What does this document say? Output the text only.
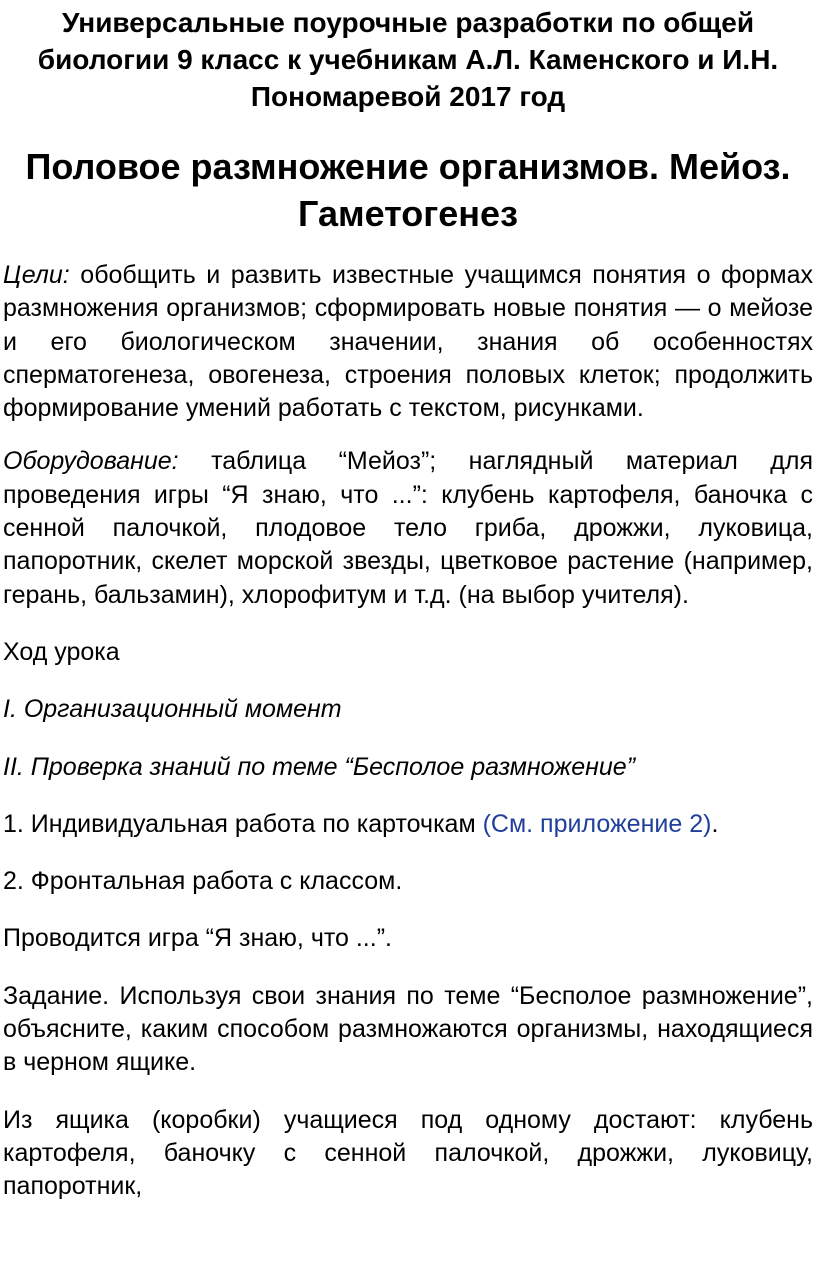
Универсальные поурочные разработки по общей биологии 9 класс к учебникам А.Л. Каменского и И.Н. Пономаревой 2017 год
Половое размножение организмов. Мейоз. Гаметогенез

Цели: обобщить и развить известные учащимся понятия о формах размножения организмов; сформировать новые понятия — о мейозе и его биологическом значении, знания об особенностях сперматогенеза, овогенеза, строения половых клеток; продолжить формирование умений работать с текстом, рисунками.

Оборудование: таблица “Мейоз”; наглядный материал для проведения игры “Я знаю, что ...”: клубень картофеля, баночка с сенной палочкой, плодовое тело гриба, дрожжи, луковица, папоротник, скелет морской звезды, цветковое растение (например, герань, бальзамин), хлорофитум и т.д. (на выбор учителя).

Ход урока

I. Организационный момент

II. Проверка знаний по теме “Бесполое размножение”

1. Индивидуальная работа по карточкам (См. приложение 2).

2. Фронтальная работа с классом.

Проводится игра “Я знаю, что ...”.

Задание. Используя свои знания по теме “Бесполое размножение”, объясните, каким способом размножаются организмы, находящиеся в черном ящике.

Из ящика (коробки) учащиеся под одному достают: клубень картофеля, баночку с сенной палочкой, дрожжи, луковицу, папоротник,
